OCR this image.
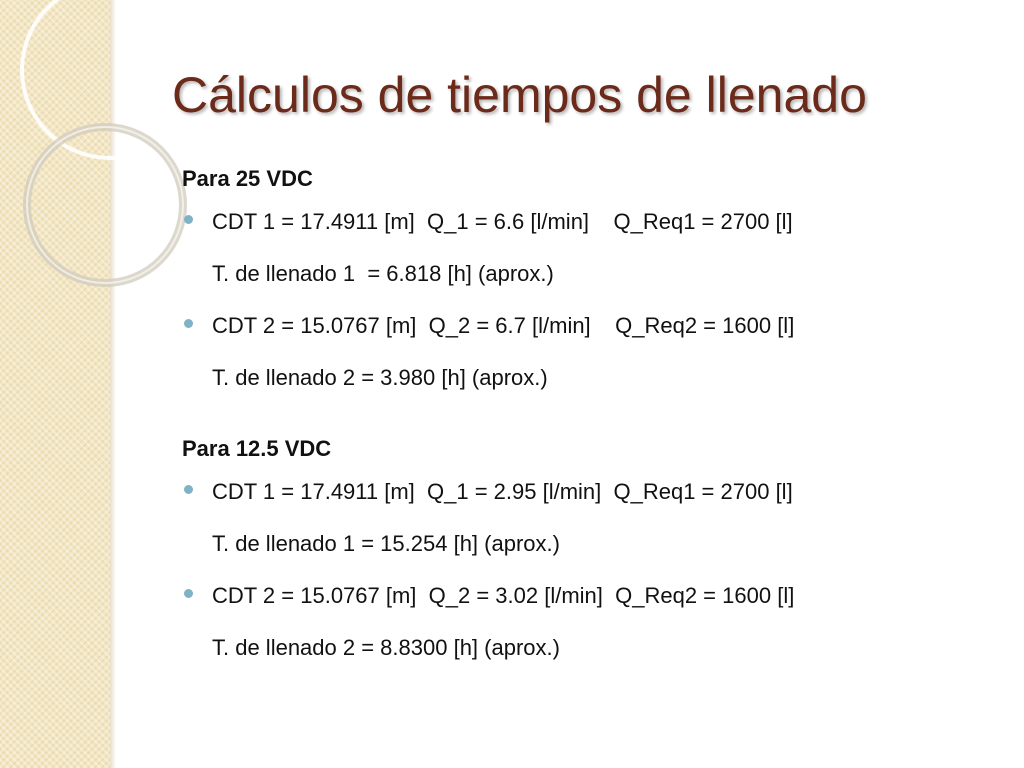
Cálculos de tiempos de llenado
Para 25 VDC
CDT 1 = 17.4911 [m]  Q_1 = 6.6 [l/min]    Q_Req1 = 2700 [l]
T. de llenado 1  = 6.818 [h] (aprox.)
CDT 2 = 15.0767 [m]  Q_2 = 6.7 [l/min]    Q_Req2 = 1600 [l]
T. de llenado 2 = 3.980 [h] (aprox.)
Para 12.5 VDC
CDT 1 = 17.4911 [m]  Q_1 = 2.95 [l/min]  Q_Req1 = 2700 [l]
T. de llenado 1 = 15.254 [h] (aprox.)
CDT 2 = 15.0767 [m]  Q_2 = 3.02 [l/min]  Q_Req2 = 1600 [l]
T. de llenado 2 = 8.8300 [h] (aprox.)
